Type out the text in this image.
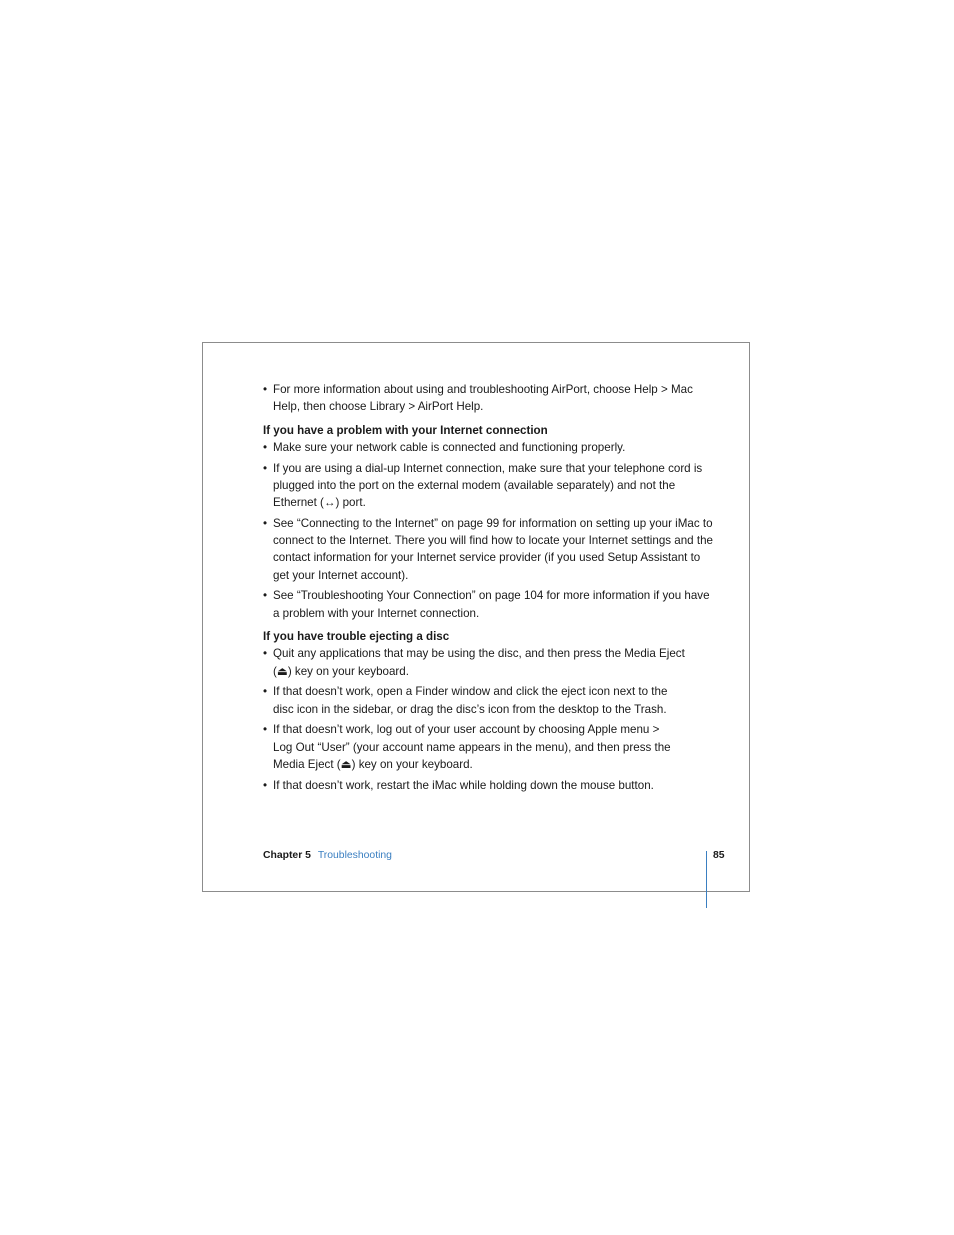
• For more information about using and troubleshooting AirPort, choose Help > Mac Help, then choose Library > AirPort Help.

If you have a problem with your Internet connection

• Make sure your network cable is connected and functioning properly.

• If you are using a dial-up Internet connection, make sure that your telephone cord is plugged into the port on the external modem (available separately) and not the Ethernet (↔) port.

• See “Connecting to the Internet” on page 99 for information on setting up your iMac to connect to the Internet. There you will find how to locate your Internet settings and the contact information for your Internet service provider (if you used Setup Assistant to get your Internet account).

• See “Troubleshooting Your Connection” on page 104 for more information if you have a problem with your Internet connection.

If you have trouble ejecting a disc

• Quit any applications that may be using the disc, and then press the Media Eject (⏏) key on your keyboard.

• If that doesn’t work, open a Finder window and click the eject icon next to the disc icon in the sidebar, or drag the disc’s icon from the desktop to the Trash.

• If that doesn’t work, log out of your user account by choosing Apple menu > Log Out “User” (your account name appears in the menu), and then press the Media Eject (⏏) key on your keyboard.

• If that doesn’t work, restart the iMac while holding down the mouse button.

Chapter 5 Troubleshooting	85
